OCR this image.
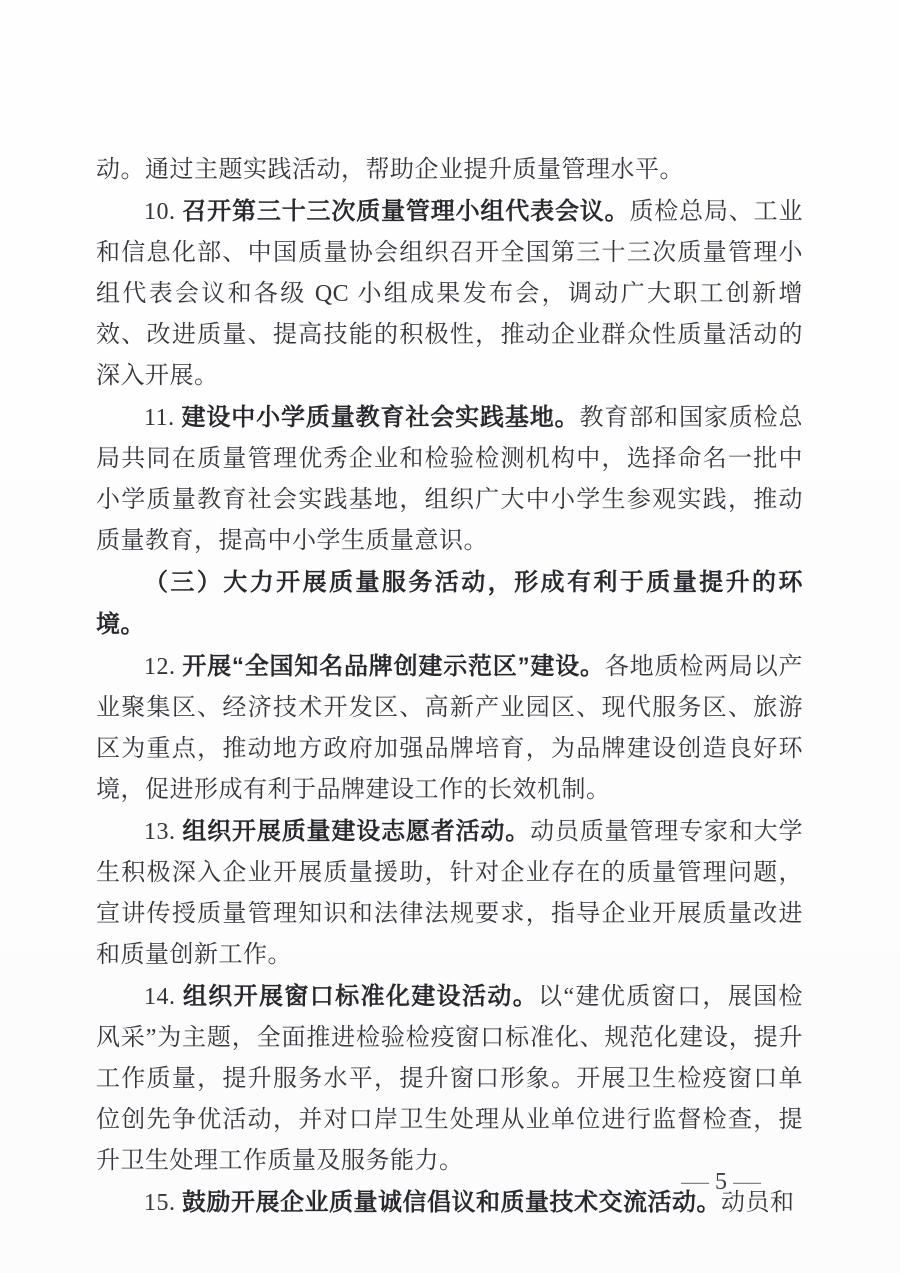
动。通过主题实践活动，帮助企业提升质量管理水平。

10. 召开第三十三次质量管理小组代表会议。质检总局、工业和信息化部、中国质量协会组织召开全国第三十三次质量管理小组代表会议和各级 QC 小组成果发布会，调动广大职工创新增效、改进质量、提高技能的积极性，推动企业群众性质量活动的深入开展。

11. 建设中小学质量教育社会实践基地。教育部和国家质检总局共同在质量管理优秀企业和检验检测机构中，选择命名一批中小学质量教育社会实践基地，组织广大中小学生参观实践，推动质量教育，提高中小学生质量意识。

（三）大力开展质量服务活动，形成有利于质量提升的环境。

12. 开展“全国知名品牌创建示范区”建设。各地质检两局以产业聚集区、经济技术开发区、高新产业园区、现代服务区、旅游区为重点，推动地方政府加强品牌培育，为品牌建设创造良好环境，促进形成有利于品牌建设工作的长效机制。

13. 组织开展质量建设志愿者活动。动员质量管理专家和大学生积极深入企业开展质量援助，针对企业存在的质量管理问题，宣讲传授质量管理知识和法律法规要求，指导企业开展质量改进和质量创新工作。

14. 组织开展窗口标准化建设活动。以“建优质窗口，展国检风采”为主题，全面推进检验检疫窗口标准化、规范化建设，提升工作质量，提升服务水平，提升窗口形象。开展卫生检疫窗口单位创先争优活动，并对口岸卫生处理从业单位进行监督检查，提升卫生处理工作质量及服务能力。

15. 鼓励开展企业质量诚信倡议和质量技术交流活动。动员和

— 5 —
